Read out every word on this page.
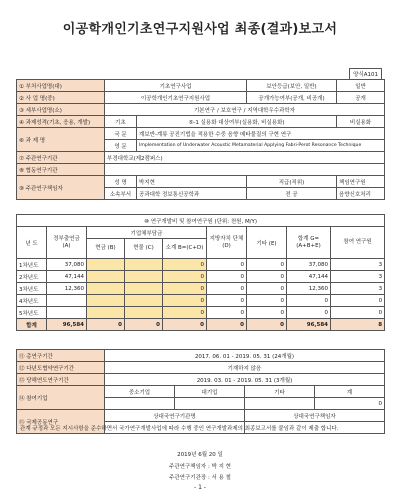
이공학개인기초연구지원사업 최종(결과)보고서
양식A101
① 부처사업명(대)	기초연구사업		보안등급(보안, 일반)	일반
② 사 업 명(중)	이공학개인기초연구지원사업		공개가능여부(공개, 비공개)	공개
③ 세부사업명(소)	기본연구 / 보호연구 / 지역대학우수과학자			
④ 과제성격(기초, 응용, 개발)	기초	⑤-1 실용화 대상여부(실용화, 비실용화)		비실용화
⑥ 과 제 명	국 문	계보반-계류 공진기법을 적용한 수중 음향 메타물질의 구현 연구		
	영 문	Implementation of Underwater Acoustic Metamaterial Applying Fabri-Perot Resonance Technique		
⑦ 주관연구기관	부경대학교(제2캠퍼스)			
⑧ 협동연구기관				
⑨ 주관연구책임자	성 명	박지현	직급(직위)	책임연구원
	소속부서	공과대학 정보통신공학과	전 공	음향신호처리
⑩ 연구개발비 및 참여연구원 (단위: 천원, M/Y)								
년 도	정부출연금 (A)	기업체부담금			지방자치 단체 (D)	기타 (E)	합계 G=(A+B+E)	참여 연구원
		현금 (B)	현물 (C)	소계 B=(C+D)				
1차년도	37,080			0	0	0	37,080	3
2차년도	47,144			0	0	0	47,144	3
3차년도	12,360			0	0	0	12,360	3
4차년도				0	0	0	0	0
5차년도				0	0	0	0	0
합계	96,584	0	0	0	0	0	96,584	8
⑪ 총연구기간	2017. 06. 01 - 2019. 05. 31 (24개월)			
⑫ 다년도협약연구기간	기재하지 않음			
⑬ 당해연도연구기간	2019. 03. 01 - 2019. 05. 31 (3개월)			
⑭ 참여기업	중소기업	대기업	기타	계
				0
⑮ 국제공동연구	상대국연구기관명		상대국연구책임자	

관계 규정과 모든 지시사항을 준수하면서 국가연구개발사업에 따라 수행 중인 연구개발과제의 최종보고서를 붙임과 같이 제출 합니다.
2019년 6월 20 일
주관연구책임자 : 박 지 현
주관연구기관장 : 서 용 철
- 1 -
